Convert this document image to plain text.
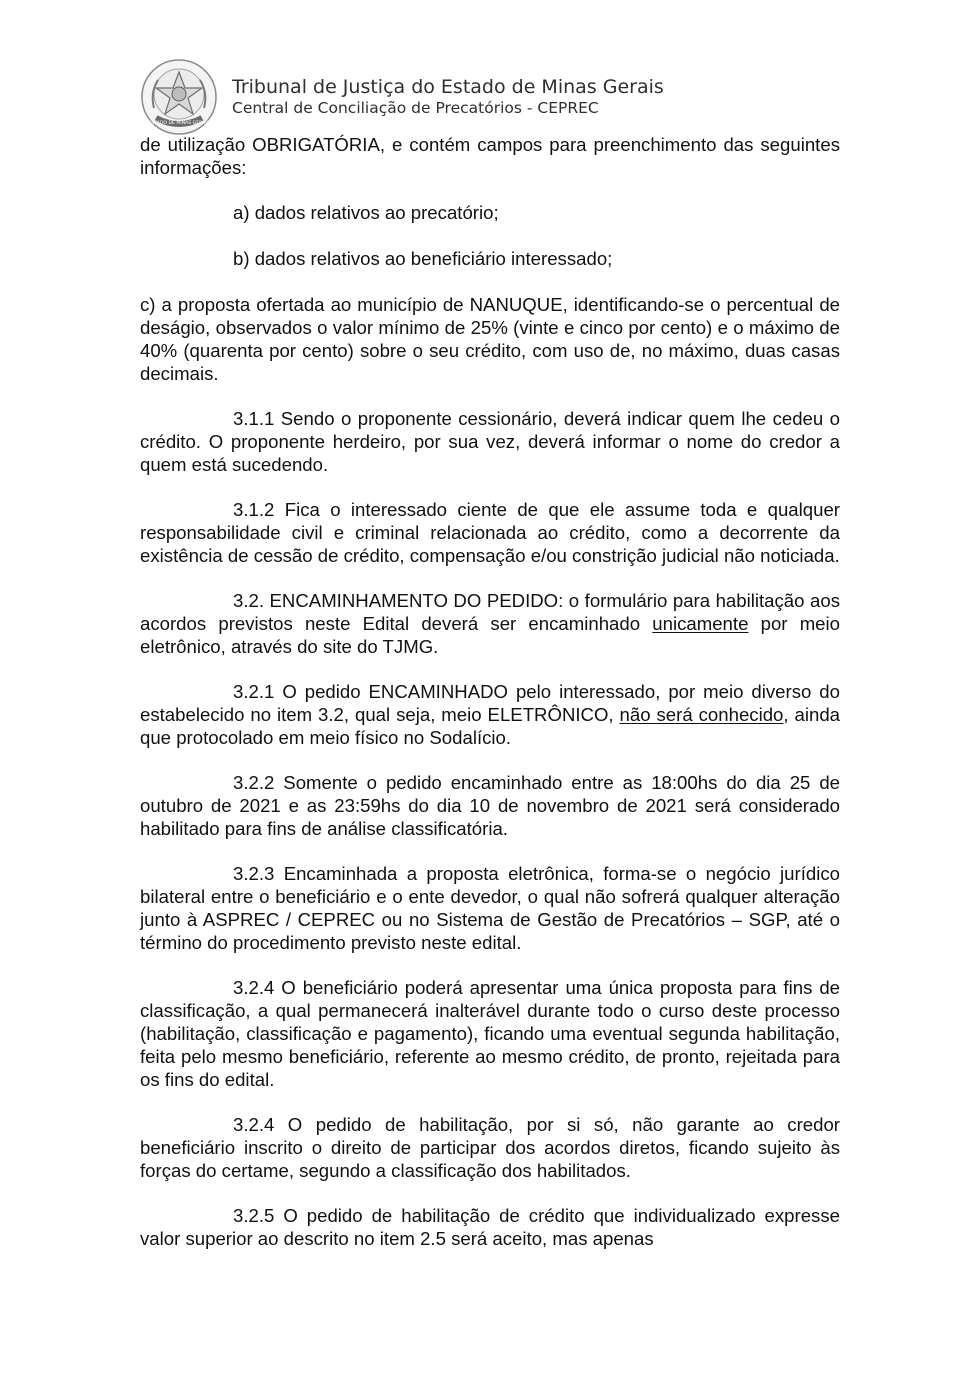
ESTADO DE MINAS GERAIS
Tribunal de Justiça do Estado de Minas Gerais
Central de Conciliação de Precatórios - CEPREC

de utilização OBRIGATÓRIA, e contém campos para preenchimento das seguintes informações:

a) dados relativos ao precatório;

b) dados relativos ao beneficiário interessado;

c) a proposta ofertada ao município de NANUQUE, identificando-se o percentual de deságio, observados o valor mínimo de 25% (vinte e cinco por cento) e o máximo de 40% (quarenta por cento) sobre o seu crédito, com uso de, no máximo, duas casas decimais.

3.1.1 Sendo o proponente cessionário, deverá indicar quem lhe cedeu o crédito. O proponente herdeiro, por sua vez, deverá informar o nome do credor a quem está sucedendo.

3.1.2 Fica o interessado ciente de que ele assume toda e qualquer responsabilidade civil e criminal relacionada ao crédito, como a decorrente da existência de cessão de crédito, compensação e/ou constrição judicial não noticiada.

3.2. ENCAMINHAMENTO DO PEDIDO: o formulário para habilitação aos acordos previstos neste Edital deverá ser encaminhado unicamente por meio eletrônico, através do site do TJMG.

3.2.1 O pedido ENCAMINHADO pelo interessado, por meio diverso do estabelecido no item 3.2, qual seja, meio ELETRÔNICO, não será conhecido, ainda que protocolado em meio físico no Sodalício.

3.2.2 Somente o pedido encaminhado entre as 18:00hs do dia 25 de outubro de 2021 e as 23:59hs do dia 10 de novembro de 2021 será considerado habilitado para fins de análise classificatória.

3.2.3 Encaminhada a proposta eletrônica, forma-se o negócio jurídico bilateral entre o beneficiário e o ente devedor, o qual não sofrerá qualquer alteração junto à ASPREC / CEPREC ou no Sistema de Gestão de Precatórios – SGP, até o término do procedimento previsto neste edital.

3.2.4 O beneficiário poderá apresentar uma única proposta para fins de classificação, a qual permanecerá inalterável durante todo o curso deste processo (habilitação, classificação e pagamento), ficando uma eventual segunda habilitação, feita pelo mesmo beneficiário, referente ao mesmo crédito, de pronto, rejeitada para os fins do edital.

3.2.4 O pedido de habilitação, por si só, não garante ao credor beneficiário inscrito o direito de participar dos acordos diretos, ficando sujeito às forças do certame, segundo a classificação dos habilitados.

3.2.5 O pedido de habilitação de crédito que individualizado expresse valor superior ao descrito no item 2.5 será aceito, mas apenas
